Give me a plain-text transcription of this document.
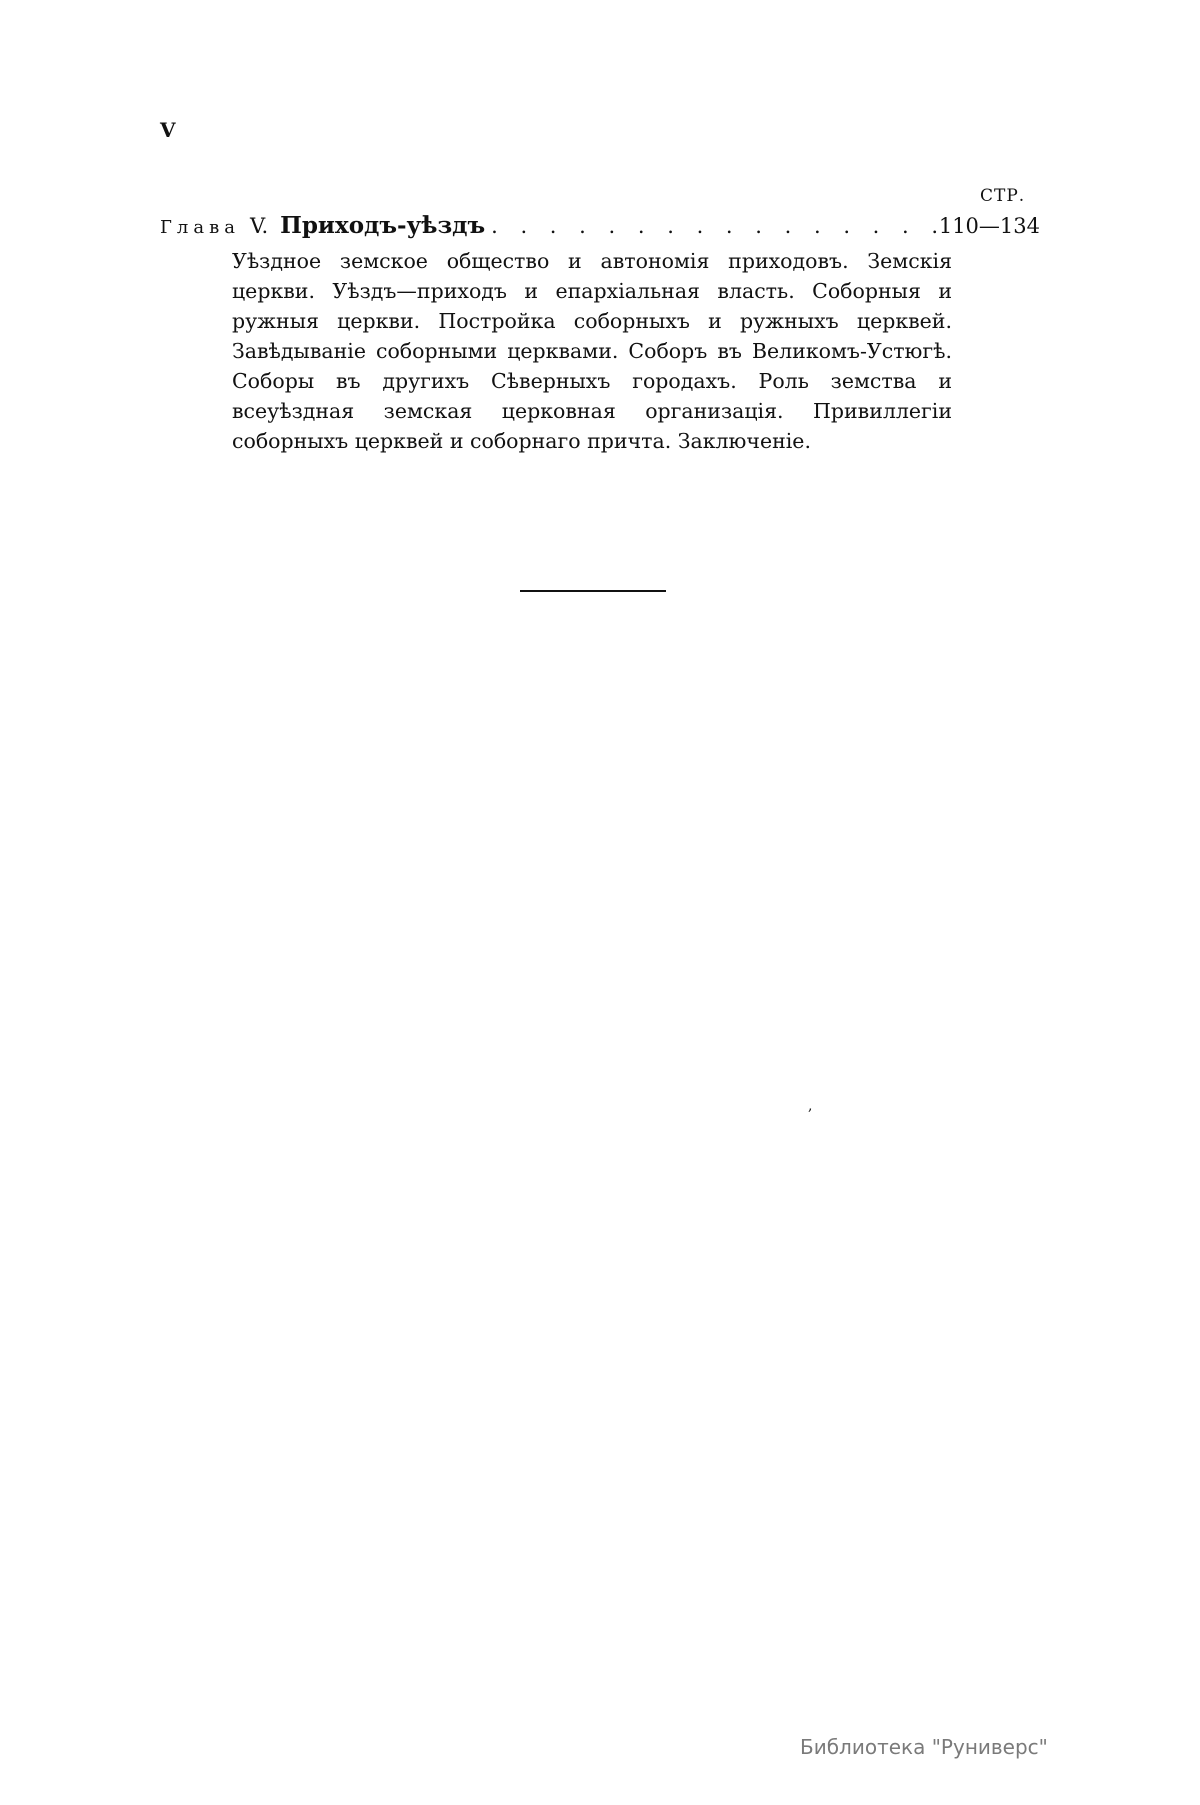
V
СТР.
Глава V. Приходъ-уѣздъ
. . .	110—134
Уѣздное земское общество и автономія приходовъ. Земскія церкви. Уѣздъ—приходъ и епархіальная власть. Соборныя и ружныя церкви. Постройка соборныхъ и ружныхъ церквей. Завѣдываніе соборными церквами. Соборъ въ Великомъ-Устюгѣ. Соборы въ другихъ Сѣверныхъ городахъ. Роль земства и всеуѣздная земская церковная организація. Привиллегіи соборныхъ церквей и соборнаго причта. Заключеніе.
,
Библиотека "Руниверс"
